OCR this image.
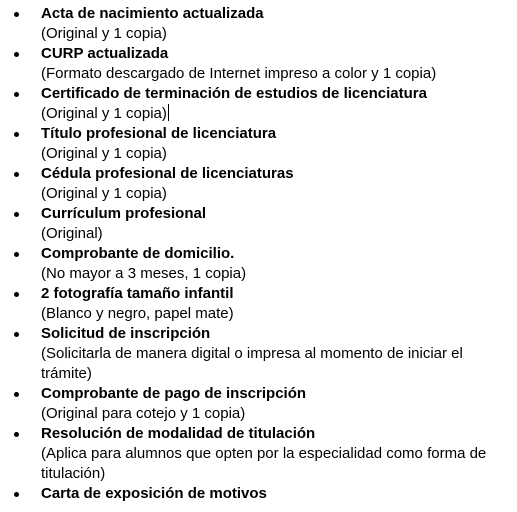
Acta de nacimiento actualizada
(Original y 1 copia)
CURP actualizada
(Formato descargado de Internet impreso a color y 1 copia)
Certificado de terminación de estudios de licenciatura
(Original y 1 copia)
Título profesional de licenciatura
(Original y 1 copia)
Cédula profesional de licenciaturas
(Original y 1 copia)
Currículum profesional
(Original)
Comprobante de domicilio.
(No mayor a 3 meses, 1 copia)
2 fotografía tamaño infantil
(Blanco y negro, papel mate)
Solicitud de inscripción
(Solicitarla de manera digital o impresa al momento de iniciar el trámite)
Comprobante de pago de inscripción
(Original para cotejo y 1 copia)
Resolución de modalidad de titulación
(Aplica para alumnos que opten por la especialidad como forma de titulación)
Carta de exposición de motivos
